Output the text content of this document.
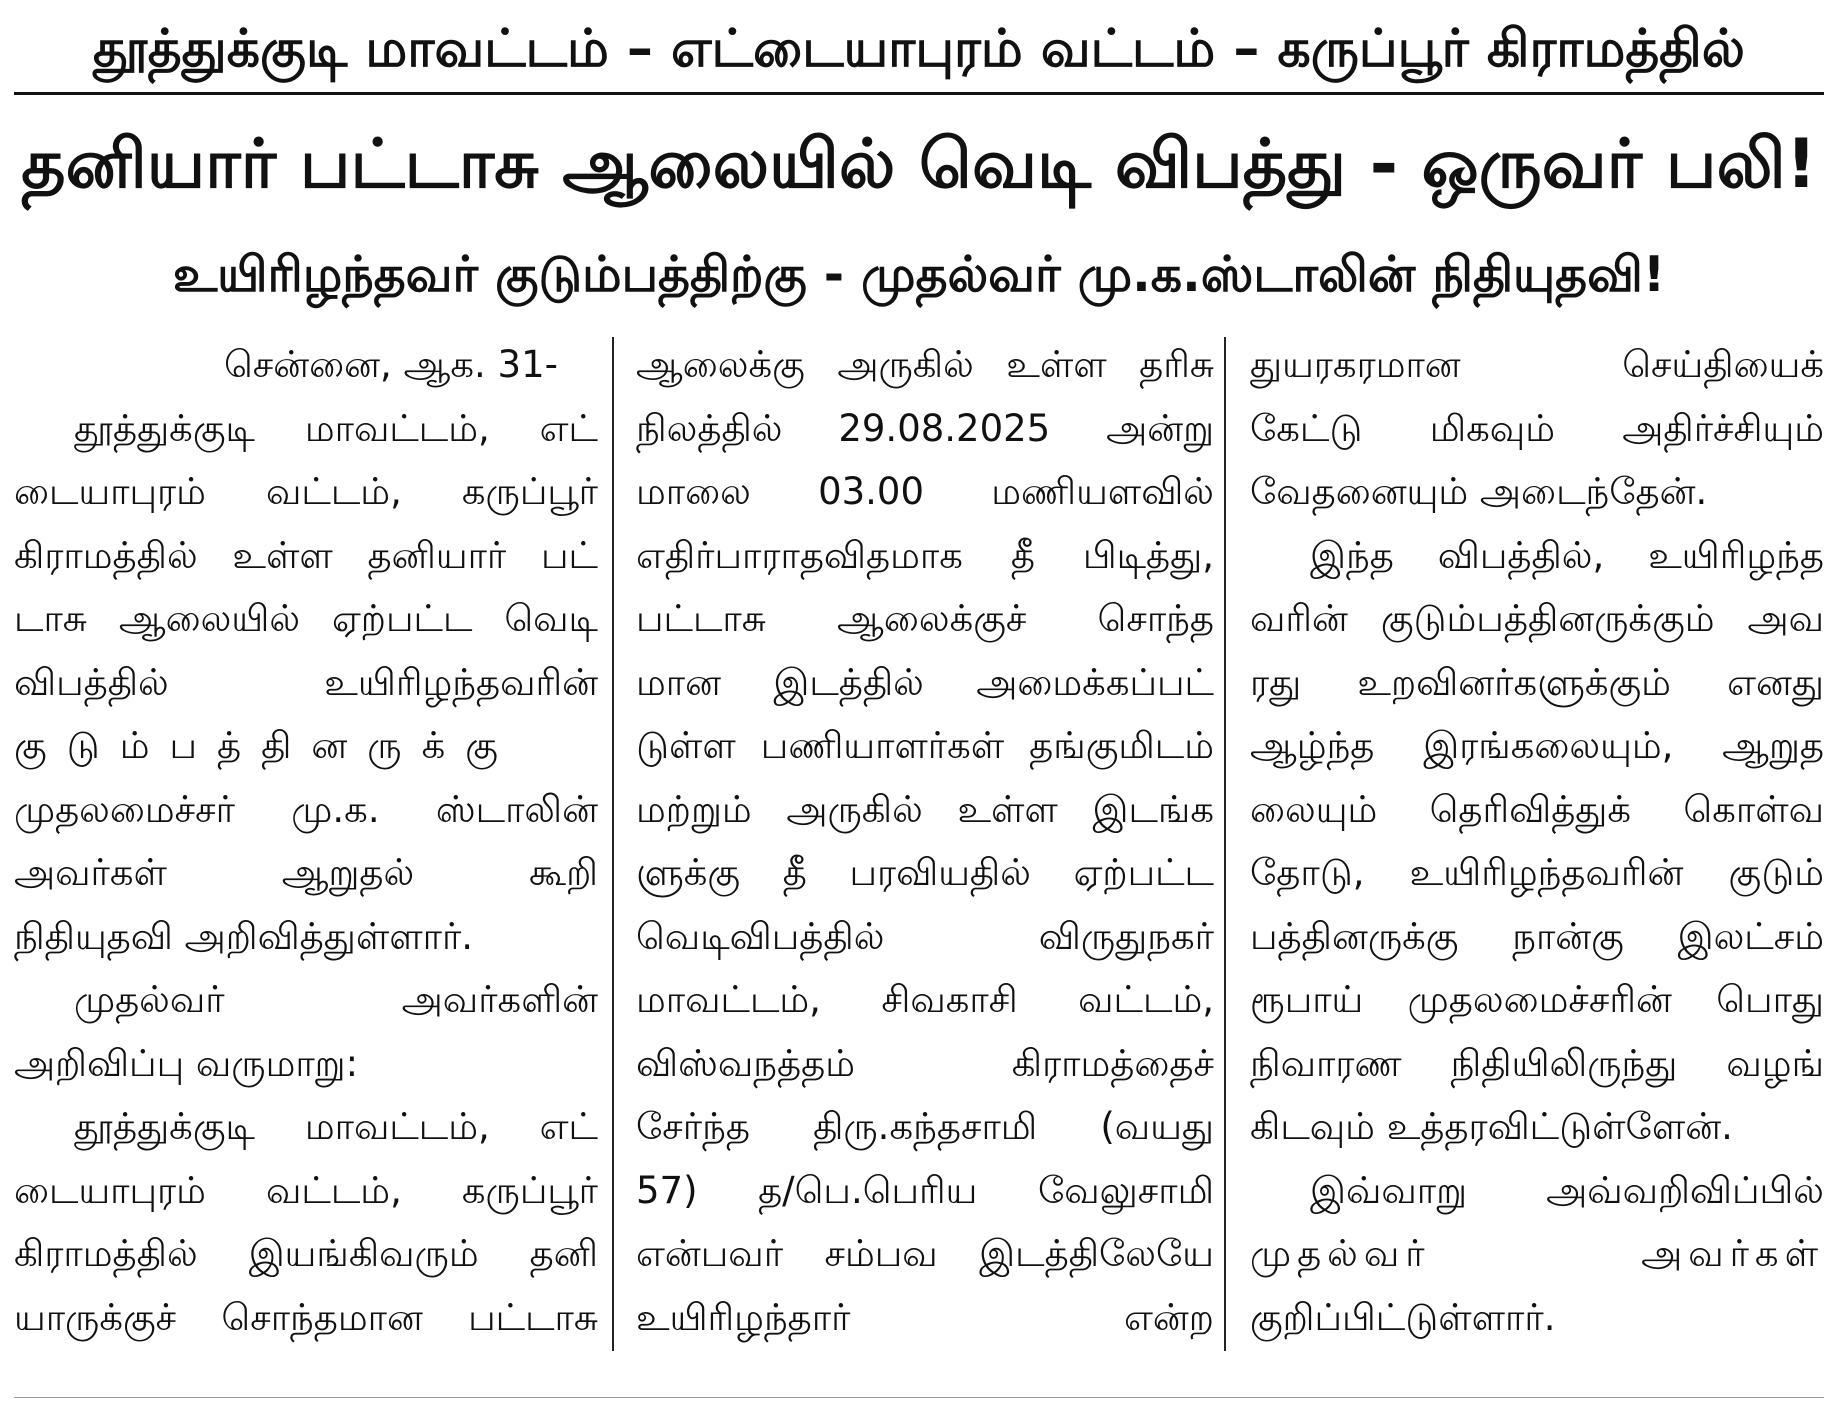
தூத்துக்குடி மாவட்டம் – எட்டையாபுரம் வட்டம் – கருப்பூர் கிராமத்தில்
தனியார் பட்டாசு ஆலையில் வெடி விபத்து - ஒருவர் பலி!
உயிரிழந்தவர் குடும்பத்திற்கு - முதல்வர் மு.க.ஸ்டாலின் நிதியுதவி!
சென்னை, ஆக. 31-
தூத்துக்குடி மாவட்டம், எட்
டையாபுரம் வட்டம், கருப்பூர்
கிராமத்தில் உள்ள தனியார் பட்
டாசு ஆலையில் ஏற்பட்ட வெடி
விபத்தில் உயிரிழந்தவரின்
குடும்பத்தினருக்கு
முதலமைச்சர் மு.க. ஸ்டாலின்
அவர்கள் ஆறுதல் கூறி
நிதியுதவி அறிவித்துள்ளார்.
முதல்வர் அவர்களின்
அறிவிப்பு வருமாறு:
தூத்துக்குடி மாவட்டம், எட்
டையாபுரம் வட்டம், கருப்பூர்
கிராமத்தில் இயங்கிவரும் தனி
யாருக்குச் சொந்தமான பட்டாசு
ஆலைக்கு அருகில் உள்ள தரிசு
நிலத்தில் 29.08.2025 அன்று
மாலை 03.00 மணியளவில்
எதிர்பாராதவிதமாக தீ பிடித்து,
பட்டாசு ஆலைக்குச் சொந்த
மான இடத்தில் அமைக்கப்பட்
டுள்ள பணியாளர்கள் தங்குமிடம்
மற்றும் அருகில் உள்ள இடங்க
ளுக்கு தீ பரவியதில் ஏற்பட்ட
வெடிவிபத்தில் விருதுநகர்
மாவட்டம், சிவகாசி வட்டம்,
விஸ்வநத்தம் கிராமத்தைச்
சேர்ந்த திரு.கந்தசாமி (வயது
57) த/பெ.பெரிய வேலுசாமி
என்பவர் சம்பவ இடத்திலேயே
உயிரிழந்தார் என்ற
துயரகரமான செய்தியைக்
கேட்டு மிகவும் அதிர்ச்சியும்
வேதனையும் அடைந்தேன்.
இந்த விபத்தில், உயிரிழந்த
வரின் குடும்பத்தினருக்கும் அவ
ரது உறவினர்களுக்கும் எனது
ஆழ்ந்த இரங்கலையும், ஆறுத
லையும் தெரிவித்துக் கொள்வ
தோடு, உயிரிழந்தவரின் குடும்
பத்தினருக்கு நான்கு இலட்சம்
ரூபாய் முதலமைச்சரின் பொது
நிவாரண நிதியிலிருந்து வழங்
கிடவும் உத்தரவிட்டுள்ளேன்.
இவ்வாறு அவ்வறிவிப்பில்
முதல்வர் அவர்கள்
குறிப்பிட்டுள்ளார்.
